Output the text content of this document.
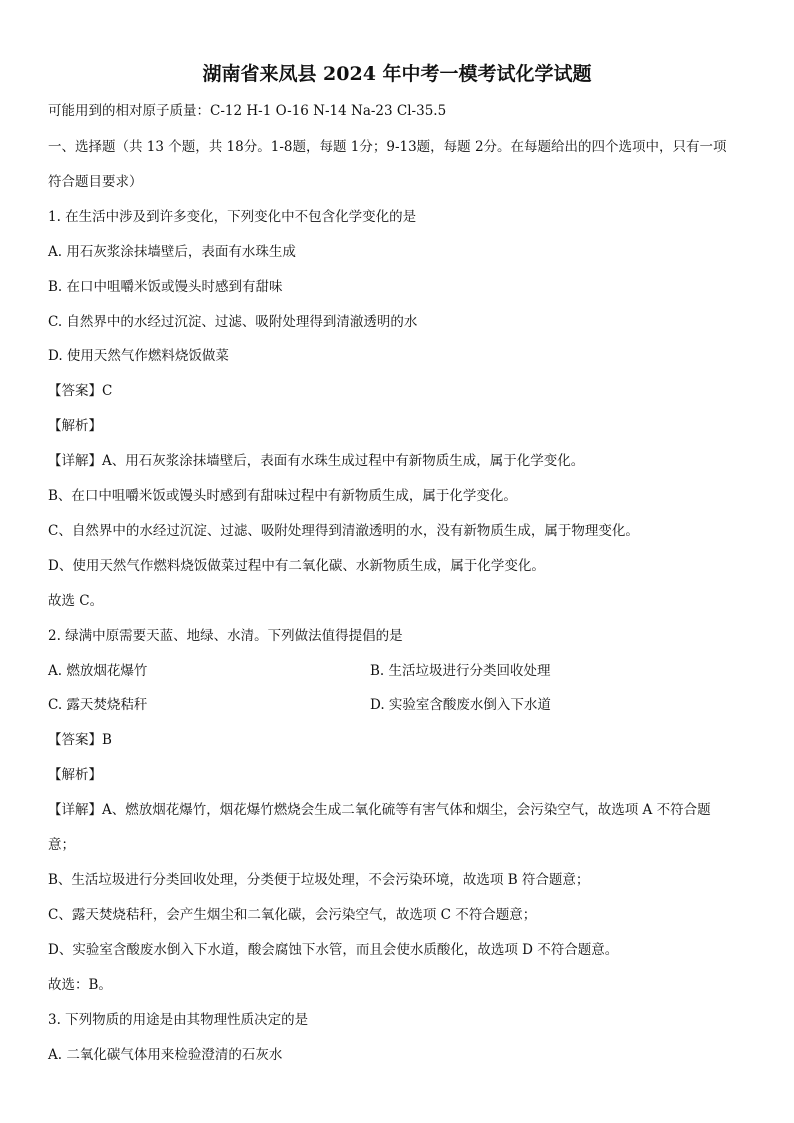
湖南省来凤县 2024 年中考一模考试化学试题
可能用到的相对原子质量：C-12 H-1 O-16 N-14 Na-23 Cl-35.5
一、选择题（共 13 个题，共 18分。1-8题，每题 1分；9-13题，每题 2分。在每题给出的四个选项中，只有一项
符合题目要求）
1. 在生活中涉及到许多变化，下列变化中不包含化学变化的是
A. 用石灰浆涂抹墙壁后，表面有水珠生成
B. 在口中咀嚼米饭或馒头时感到有甜味
C. 自然界中的水经过沉淀、过滤、吸附处理得到清澈透明的水
D. 使用天然气作燃料烧饭做菜
【答案】C
【解析】
【详解】A、用石灰浆涂抹墙壁后，表面有水珠生成过程中有新物质生成，属于化学变化。
B、在口中咀嚼米饭或馒头时感到有甜味过程中有新物质生成，属于化学变化。
C、自然界中的水经过沉淀、过滤、吸附处理得到清澈透明的水，没有新物质生成，属于物理变化。
D、使用天然气作燃料烧饭做菜过程中有二氧化碳、水新物质生成，属于化学变化。
故选 C。
2. 绿满中原需要天蓝、地绿、水清。下列做法值得提倡的是
A. 燃放烟花爆竹	B. 生活垃圾进行分类回收处理
C. 露天焚烧秸秆	D. 实验室含酸废水倒入下水道
【答案】B
【解析】
【详解】A、燃放烟花爆竹，烟花爆竹燃烧会生成二氧化硫等有害气体和烟尘，会污染空气，故选项 A 不符合题
意；
B、生活垃圾进行分类回收处理，分类便于垃圾处理，不会污染环境，故选项 B 符合题意；
C、露天焚烧秸秆，会产生烟尘和二氧化碳，会污染空气，故选项 C 不符合题意；
D、实验室含酸废水倒入下水道，酸会腐蚀下水管，而且会使水质酸化，故选项 D 不符合题意。
故选：B。
3. 下列物质的用途是由其物理性质决定的是
A. 二氧化碳气体用来检验澄清的石灰水
